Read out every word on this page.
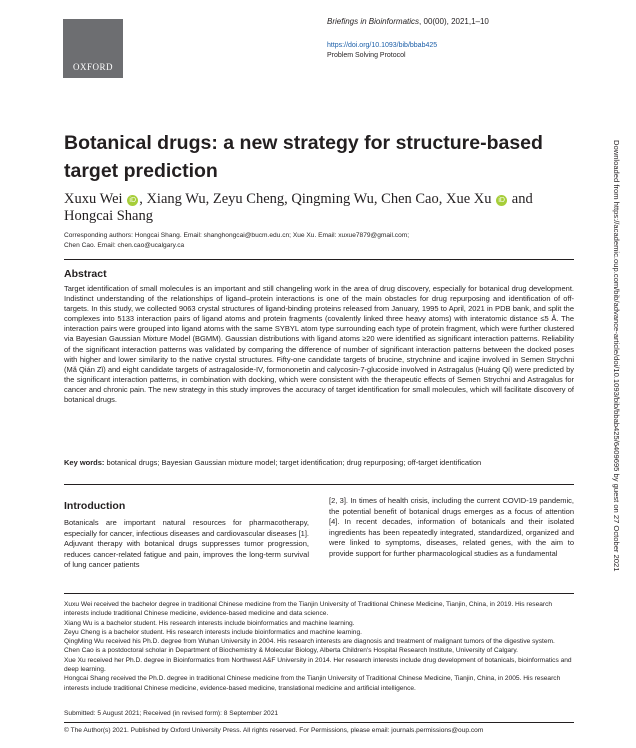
OXFORD
Briefings in Bioinformatics, 00(00), 2021,1–10
https://doi.org/10.1093/bib/bbab425
Problem Solving Protocol
Botanical drugs: a new strategy for structure-based target prediction
Xuxu Wei iD , Xiang Wu, Zeyu Cheng, Qingming Wu, Chen Cao, Xue Xu iD and Hongcai Shang
Corresponding authors: Hongcai Shang. Email: shanghongcai@bucm.edu.cn; Xue Xu. Email: xuxue7879@gmail.com;
Chen Cao. Email: chen.cao@ucalgary.ca
Abstract
Target identification of small molecules is an important and still changeling work in the area of drug discovery, especially for botanical drug development. Indistinct understanding of the relationships of ligand–protein interactions is one of the main obstacles for drug repurposing and identification of off-targets. In this study, we collected 9063 crystal structures of ligand-binding proteins released from January, 1995 to April, 2021 in PDB bank, and split the complexes into 5133 interaction pairs of ligand atoms and protein fragments (covalently linked three heavy atoms) with interatomic distance ≤5 Å. The interaction pairs were grouped into ligand atoms with the same SYBYL atom type surrounding each type of protein fragment, which were further clustered via Bayesian Gaussian Mixture Model (BGMM). Gaussian distributions with ligand atoms ≥20 were identified as significant interaction patterns. Reliability of the significant interaction patterns was validated by comparing the difference of number of significant interaction patterns between the docked poses with higher and lower similarity to the native crystal structures. Fifty-one candidate targets of brucine, strychnine and icajine involved in Semen Strychni (Mǎ Qián Zǐ) and eight candidate targets of astragaloside-IV, formononetin and calycosin-7-glucoside involved in Astragalus (Huáng Qí) were predicted by the significant interaction patterns, in combination with docking, which were consistent with the therapeutic effects of Semen Strychni and Astragalus for cancer and chronic pain. The new strategy in this study improves the accuracy of target identification for small molecules, which will facilitate discovery of botanical drugs.
Key words: botanical drugs; Bayesian Gaussian mixture model; target identification; drug repurposing; off-target identification
Introduction
Botanicals are important natural resources for pharmacotherapy, especially for cancer, infectious diseases and cardiovascular diseases [1]. Adjuvant therapy with botanical drugs suppresses tumor progression, reduces cancer-related fatigue and pain, improves the long-term survival of lung cancer patients
[2, 3]. In times of health crisis, including the current COVID-19 pandemic, the potential benefit of botanical drugs emerges as a focus of attention [4]. In recent decades, information of botanicals and their isolated ingredients has been repeatedly integrated, standardized, organized and were linked to symptoms, diseases, related genes, with the aim to provide support for further pharmacological studies as a fundamental
Xuxu Wei received the bachelor degree in traditional Chinese medicine from the Tianjin University of Traditional Chinese Medicine, Tianjin, China, in 2019. His research interests include traditional Chinese medicine, evidence-based medicine and data science.
Xiang Wu is a bachelor student. His research interests include bioinformatics and machine learning.
Zeyu Cheng is a bachelor student. His research interests include bioinformatics and machine learning.
QingMing Wu received his Ph.D. degree from Wuhan University in 2004. His research interests are diagnosis and treatment of malignant tumors of the digestive system.
Chen Cao is a postdoctoral scholar in Department of Biochemistry & Molecular Biology, Alberta Children's Hospital Research Institute, University of Calgary.
Xue Xu received her Ph.D. degree in Bioinformatics from Northwest A&F University in 2014. Her research interests include drug development of botanicals, bioinformatics and deep learning.
Hongcai Shang received the Ph.D. degree in traditional Chinese medicine from the Tianjin University of Traditional Chinese Medicine, Tianjin, China, in 2005. His research interests include traditional Chinese medicine, evidence-based medicine, translational medicine and artificial intelligence.
Submitted: 5 August 2021; Received (in revised form): 8 September 2021
© The Author(s) 2021. Published by Oxford University Press. All rights reserved. For Permissions, please email: journals.permissions@oup.com
Downloaded from https://academic.oup.com/bib/advance-article/doi/10.1093/bib/bbab425/6409695 by guest on 27 October 2021
